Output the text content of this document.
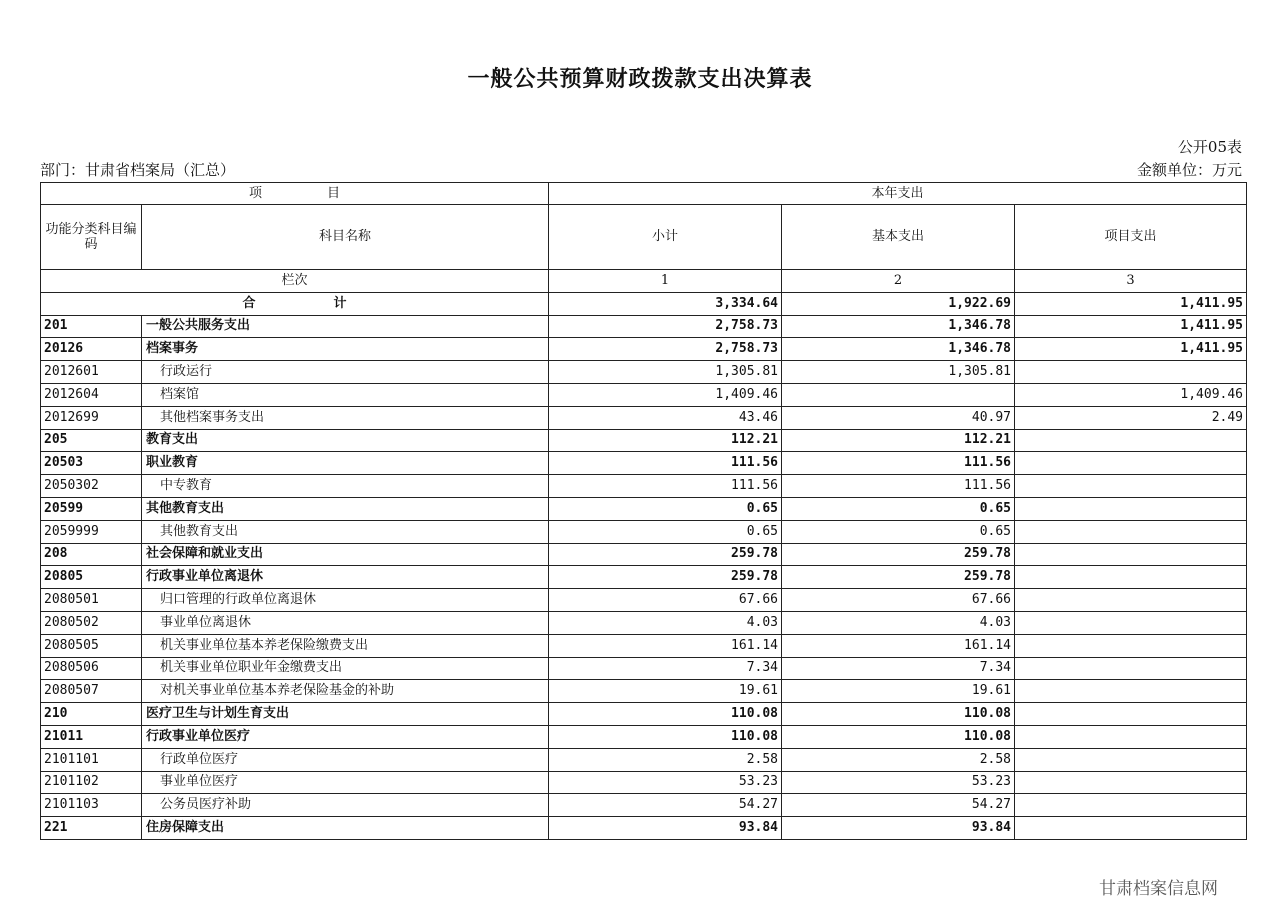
一般公共预算财政拨款支出决算表
公开05表
部门：甘肃省档案局（汇总）	金额单位：万元
项　　　　　目		本年支出		
功能分类科目编码	科目名称	小计	基本支出	项目支出
栏次		1	2	3
合　　　　　　计		3,334.64	1,922.69	1,411.95
201	一般公共服务支出	2,758.73	1,346.78	1,411.95
20126	档案事务	2,758.73	1,346.78	1,411.95
2012601	行政运行	1,305.81	1,305.81	
2012604	档案馆	1,409.46		1,409.46
2012699	其他档案事务支出	43.46	40.97	2.49
205	教育支出	112.21	112.21	
20503	职业教育	111.56	111.56	
2050302	中专教育	111.56	111.56	
20599	其他教育支出	0.65	0.65	
2059999	其他教育支出	0.65	0.65	
208	社会保障和就业支出	259.78	259.78	
20805	行政事业单位离退休	259.78	259.78	
2080501	归口管理的行政单位离退休	67.66	67.66	
2080502	事业单位离退休	4.03	4.03	
2080505	机关事业单位基本养老保险缴费支出	161.14	161.14	
2080506	机关事业单位职业年金缴费支出	7.34	7.34	
2080507	对机关事业单位基本养老保险基金的补助	19.61	19.61	
210	医疗卫生与计划生育支出	110.08	110.08	
21011	行政事业单位医疗	110.08	110.08	
2101101	行政单位医疗	2.58	2.58	
2101102	事业单位医疗	53.23	53.23	
2101103	公务员医疗补助	54.27	54.27	
221	住房保障支出	93.84	93.84	
甘肃档案信息网
